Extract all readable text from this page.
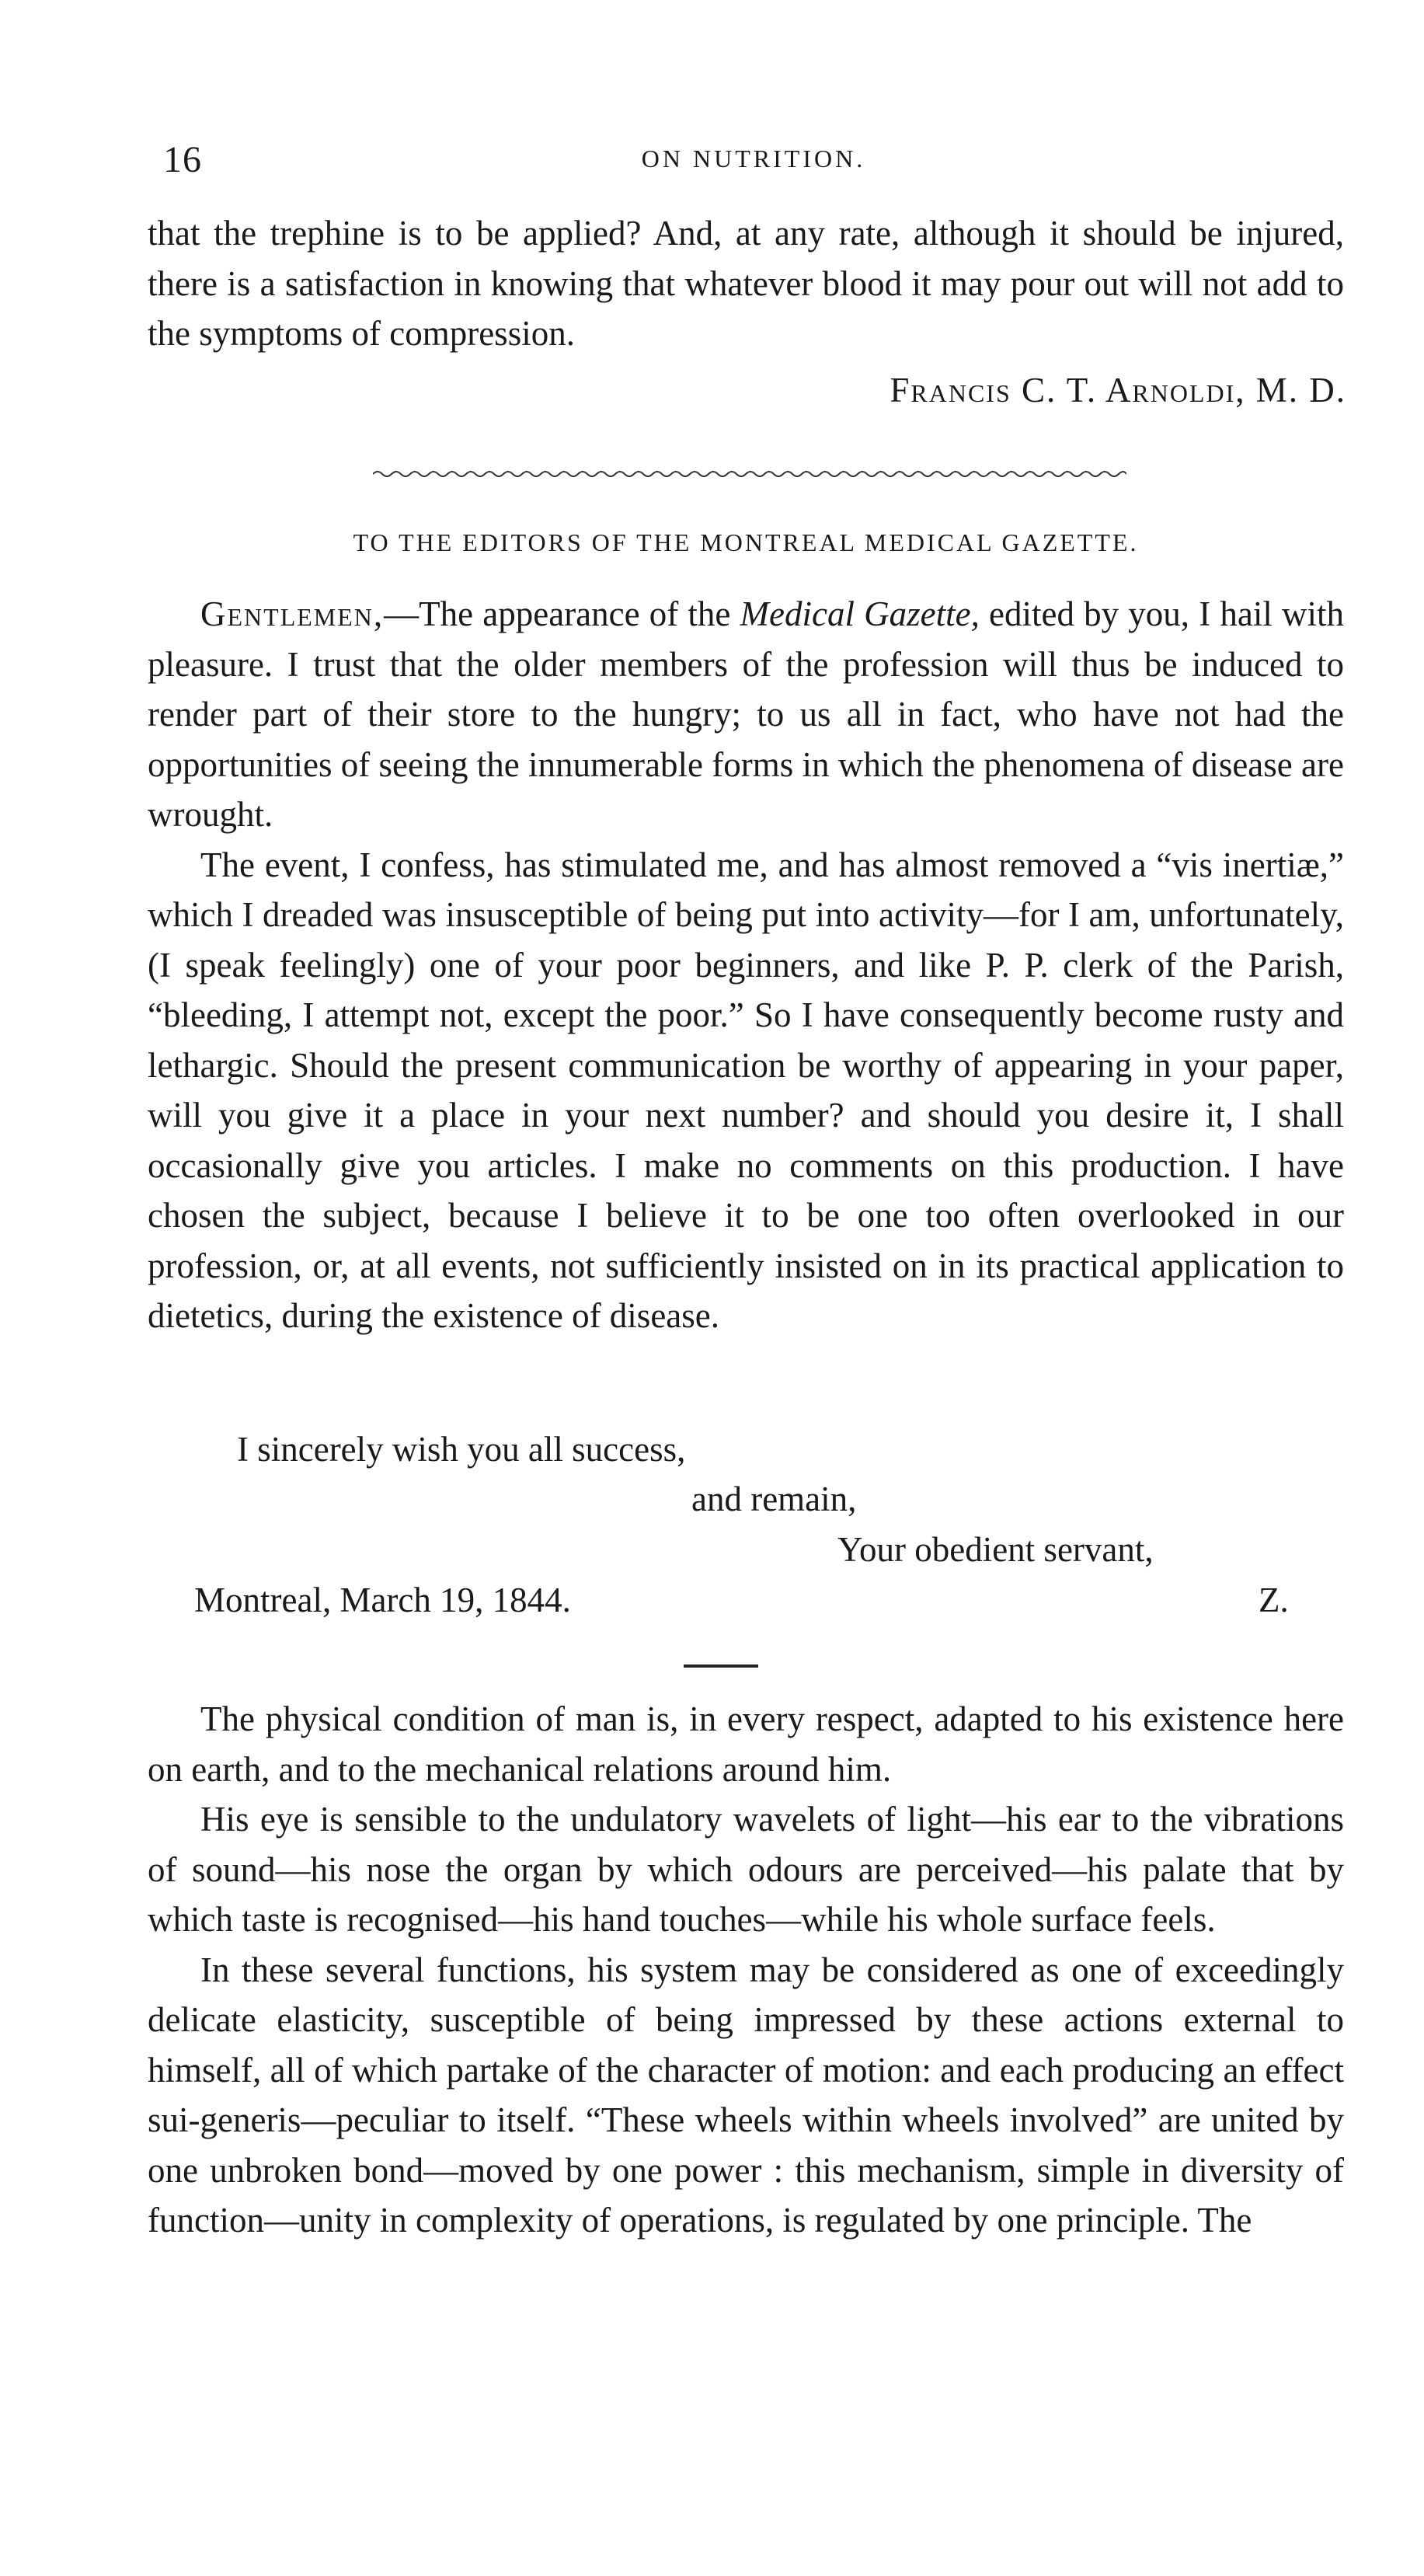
16	ON NUTRITION.

that the trephine is to be applied? And, at any rate, although it should be injured, there is a satisfaction in knowing that whatever blood it may pour out will not add to the symptoms of compression.

Francis C. T. Arnoldi, M. D.
TO THE EDITORS OF THE MONTREAL MEDICAL GAZETTE.

Gentlemen,—The appearance of the Medical Gazette, edited by you, I hail with pleasure. I trust that the older members of the profession will thus be induced to render part of their store to the hungry; to us all in fact, who have not had the opportunities of seeing the innumerable forms in which the phenomena of disease are wrought.

The event, I confess, has stimulated me, and has almost removed a “vis inertiæ,” which I dreaded was insusceptible of being put into activity—for I am, unfortunately, (I speak feelingly) one of your poor beginners, and like P. P. clerk of the Parish, “bleeding, I attempt not, except the poor.” So I have consequently become rusty and lethargic. Should the present communication be worthy of appearing in your paper, will you give it a place in your next number? and should you desire it, I shall occasionally give you articles. I make no comments on this production. I have chosen the subject, because I believe it to be one too often overlooked in our profession, or, at all events, not sufficiently insisted on in its practical application to dietetics, during the existence of disease.

I sincerely wish you all success,
and remain,
Your obedient servant,
Montreal, March 19, 1844.	Z.

The physical condition of man is, in every respect, adapted to his existence here on earth, and to the mechanical relations around him.

His eye is sensible to the undulatory wavelets of light—his ear to the vibrations of sound—his nose the organ by which odours are perceived—his palate that by which taste is recognised—his hand touches—while his whole surface feels.

In these several functions, his system may be considered as one of exceedingly delicate elasticity, susceptible of being impressed by these actions external to himself, all of which partake of the character of motion: and each producing an effect sui-generis—peculiar to itself. “These wheels within wheels involved” are united by one unbroken bond—moved by one power : this mechanism, simple in diversity of function—unity in complexity of operations, is regulated by one principle. The
